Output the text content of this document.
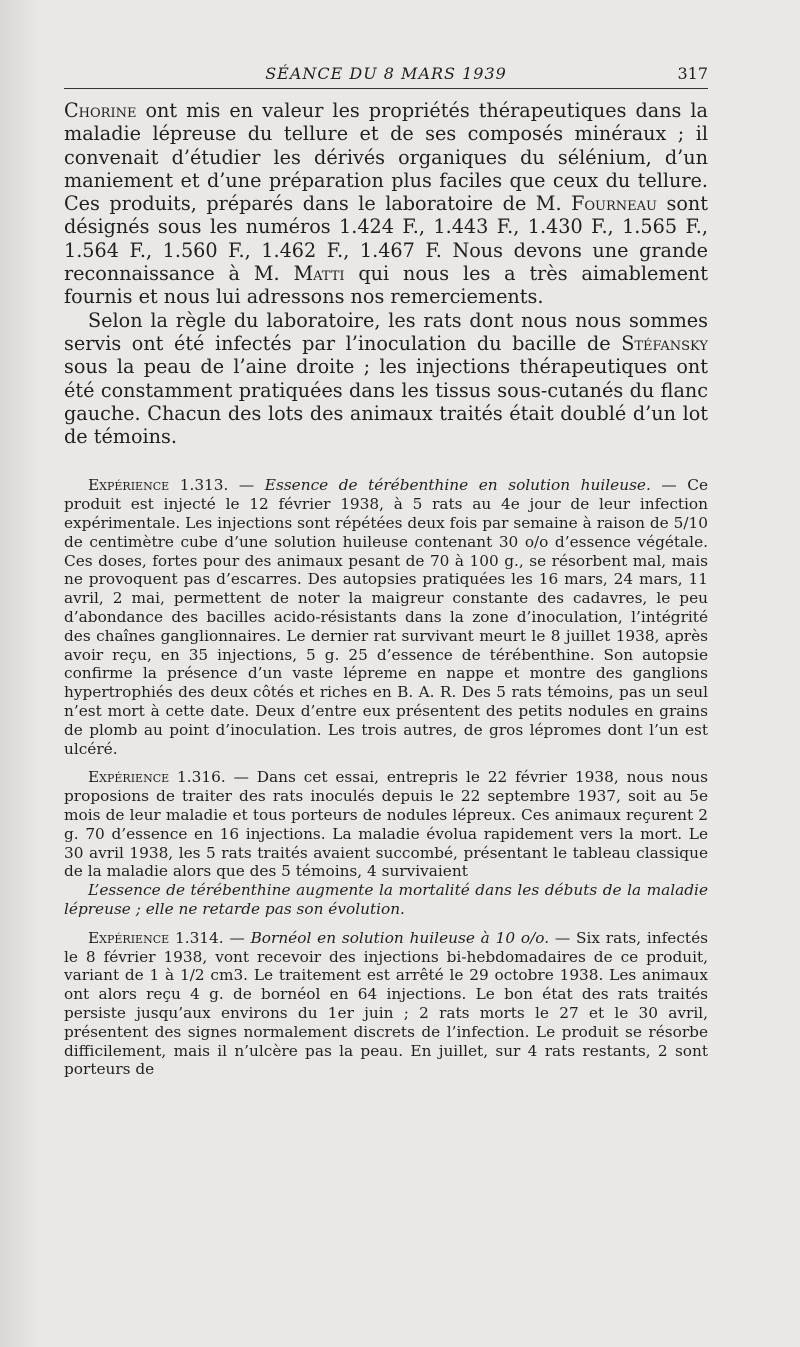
SÉANCE DU 8 MARS 1939	317

Chorine ont mis en valeur les propriétés thérapeutiques dans la maladie lépreuse du tellure et de ses composés minéraux ; il convenait d’étudier les dérivés organiques du sélénium, d’un maniement et d’une préparation plus faciles que ceux du tellure. Ces produits, préparés dans le laboratoire de M. Fourneau sont désignés sous les numéros 1.424 F., 1.443 F., 1.430 F., 1.565 F., 1.564 F., 1.560 F., 1.462 F., 1.467 F. Nous devons une grande reconnaissance à M. Matti qui nous les a très aimablement fournis et nous lui adressons nos remerciements.

Selon la règle du laboratoire, les rats dont nous nous sommes servis ont été infectés par l’inoculation du bacille de Stéfansky sous la peau de l’aine droite ; les injections thérapeutiques ont été constamment pratiquées dans les tissus sous-cutanés du flanc gauche. Chacun des lots des animaux traités était doublé d’un lot de témoins.

Expérience 1.313. — Essence de térébenthine en solution huileuse. — Ce produit est injecté le 12 février 1938, à 5 rats au 4e jour de leur infection expérimentale. Les injections sont répétées deux fois par semaine à raison de 5/10 de centimètre cube d’une solution huileuse contenant 30 o/o d’essence végétale. Ces doses, fortes pour des animaux pesant de 70 à 100 g., se résorbent mal, mais ne provoquent pas d’escarres. Des autopsies pratiquées les 16 mars, 24 mars, 11 avril, 2 mai, permettent de noter la maigreur constante des cadavres, le peu d’abondance des bacilles acido-résistants dans la zone d’inoculation, l’intégrité des chaînes ganglionnaires. Le dernier rat survivant meurt le 8 juillet 1938, après avoir reçu, en 35 injections, 5 g. 25 d’essence de térébenthine. Son autopsie confirme la présence d’un vaste lépreme en nappe et montre des ganglions hypertrophiés des deux côtés et riches en B. A. R. Des 5 rats témoins, pas un seul n’est mort à cette date. Deux d’entre eux présentent des petits nodules en grains de plomb au point d’inoculation. Les trois autres, de gros lépromes dont l’un est ulcéré.

Expérience 1.316. — Dans cet essai, entrepris le 22 février 1938, nous nous proposions de traiter des rats inoculés depuis le 22 septembre 1937, soit au 5e mois de leur maladie et tous porteurs de nodules lépreux. Ces animaux reçurent 2 g. 70 d’essence en 16 injections. La maladie évolua rapidement vers la mort. Le 30 avril 1938, les 5 rats traités avaient succombé, présentant le tableau classique de la maladie alors que des 5 témoins, 4 survivaient

L’essence de térébenthine augmente la mortalité dans les débuts de la maladie lépreuse ; elle ne retarde pas son évolution.

Expérience 1.314. — Bornéol en solution huileuse à 10 o/o. — Six rats, infectés le 8 février 1938, vont recevoir des injections bi-hebdomadaires de ce produit, variant de 1 à 1/2 cm3. Le traitement est arrêté le 29 octobre 1938. Les animaux ont alors reçu 4 g. de bornéol en 64 injections. Le bon état des rats traités persiste jusqu’aux environs du 1er juin ; 2 rats morts le 27 et le 30 avril, présentent des signes normalement discrets de l’infection. Le produit se résorbe difficilement, mais il n’ulcère pas la peau. En juillet, sur 4 rats restants, 2 sont porteurs de
